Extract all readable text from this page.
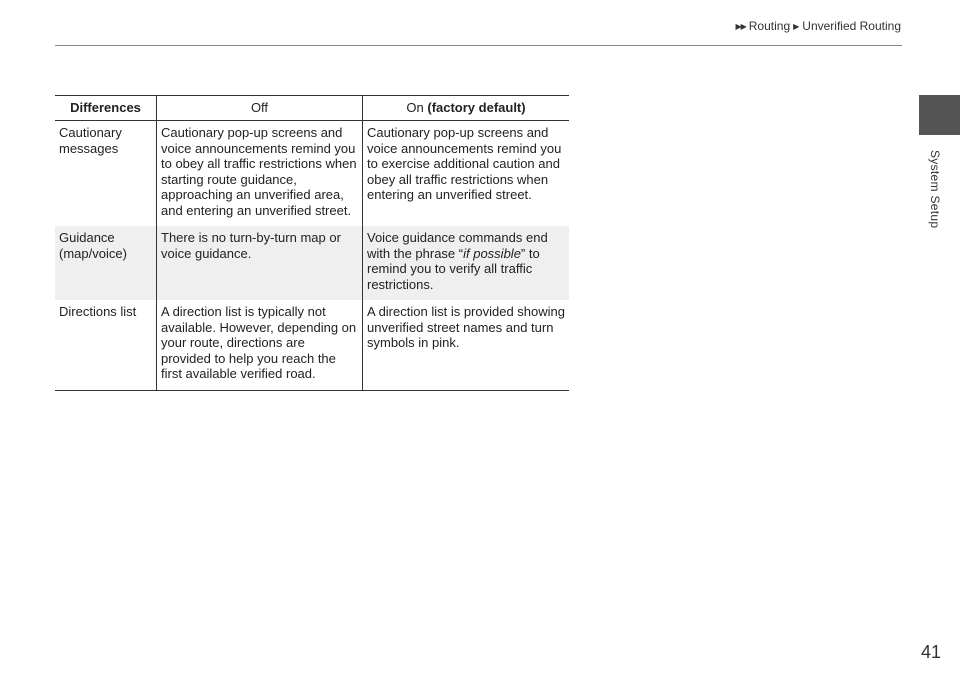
▶▶ Routing ▶ Unverified Routing
System Setup
Differences	Off	On (factory default)
Cautionary messages	Cautionary pop-up screens and voice announcements remind you to obey all traffic restrictions when starting route guidance, approaching an unverified area, and entering an unverified street.	Cautionary pop-up screens and voice announcements remind you to exercise additional caution and obey all traffic restrictions when entering an unverified street.
Guidance (map/voice)	There is no turn-by-turn map or voice guidance.	Voice guidance commands end with the phrase “if possible” to remind you to verify all traffic restrictions.
Directions list	A direction list is typically not available. However, depending on your route, directions are provided to help you reach the first available verified road.	A direction list is provided showing unverified street names and turn symbols in pink.
41
